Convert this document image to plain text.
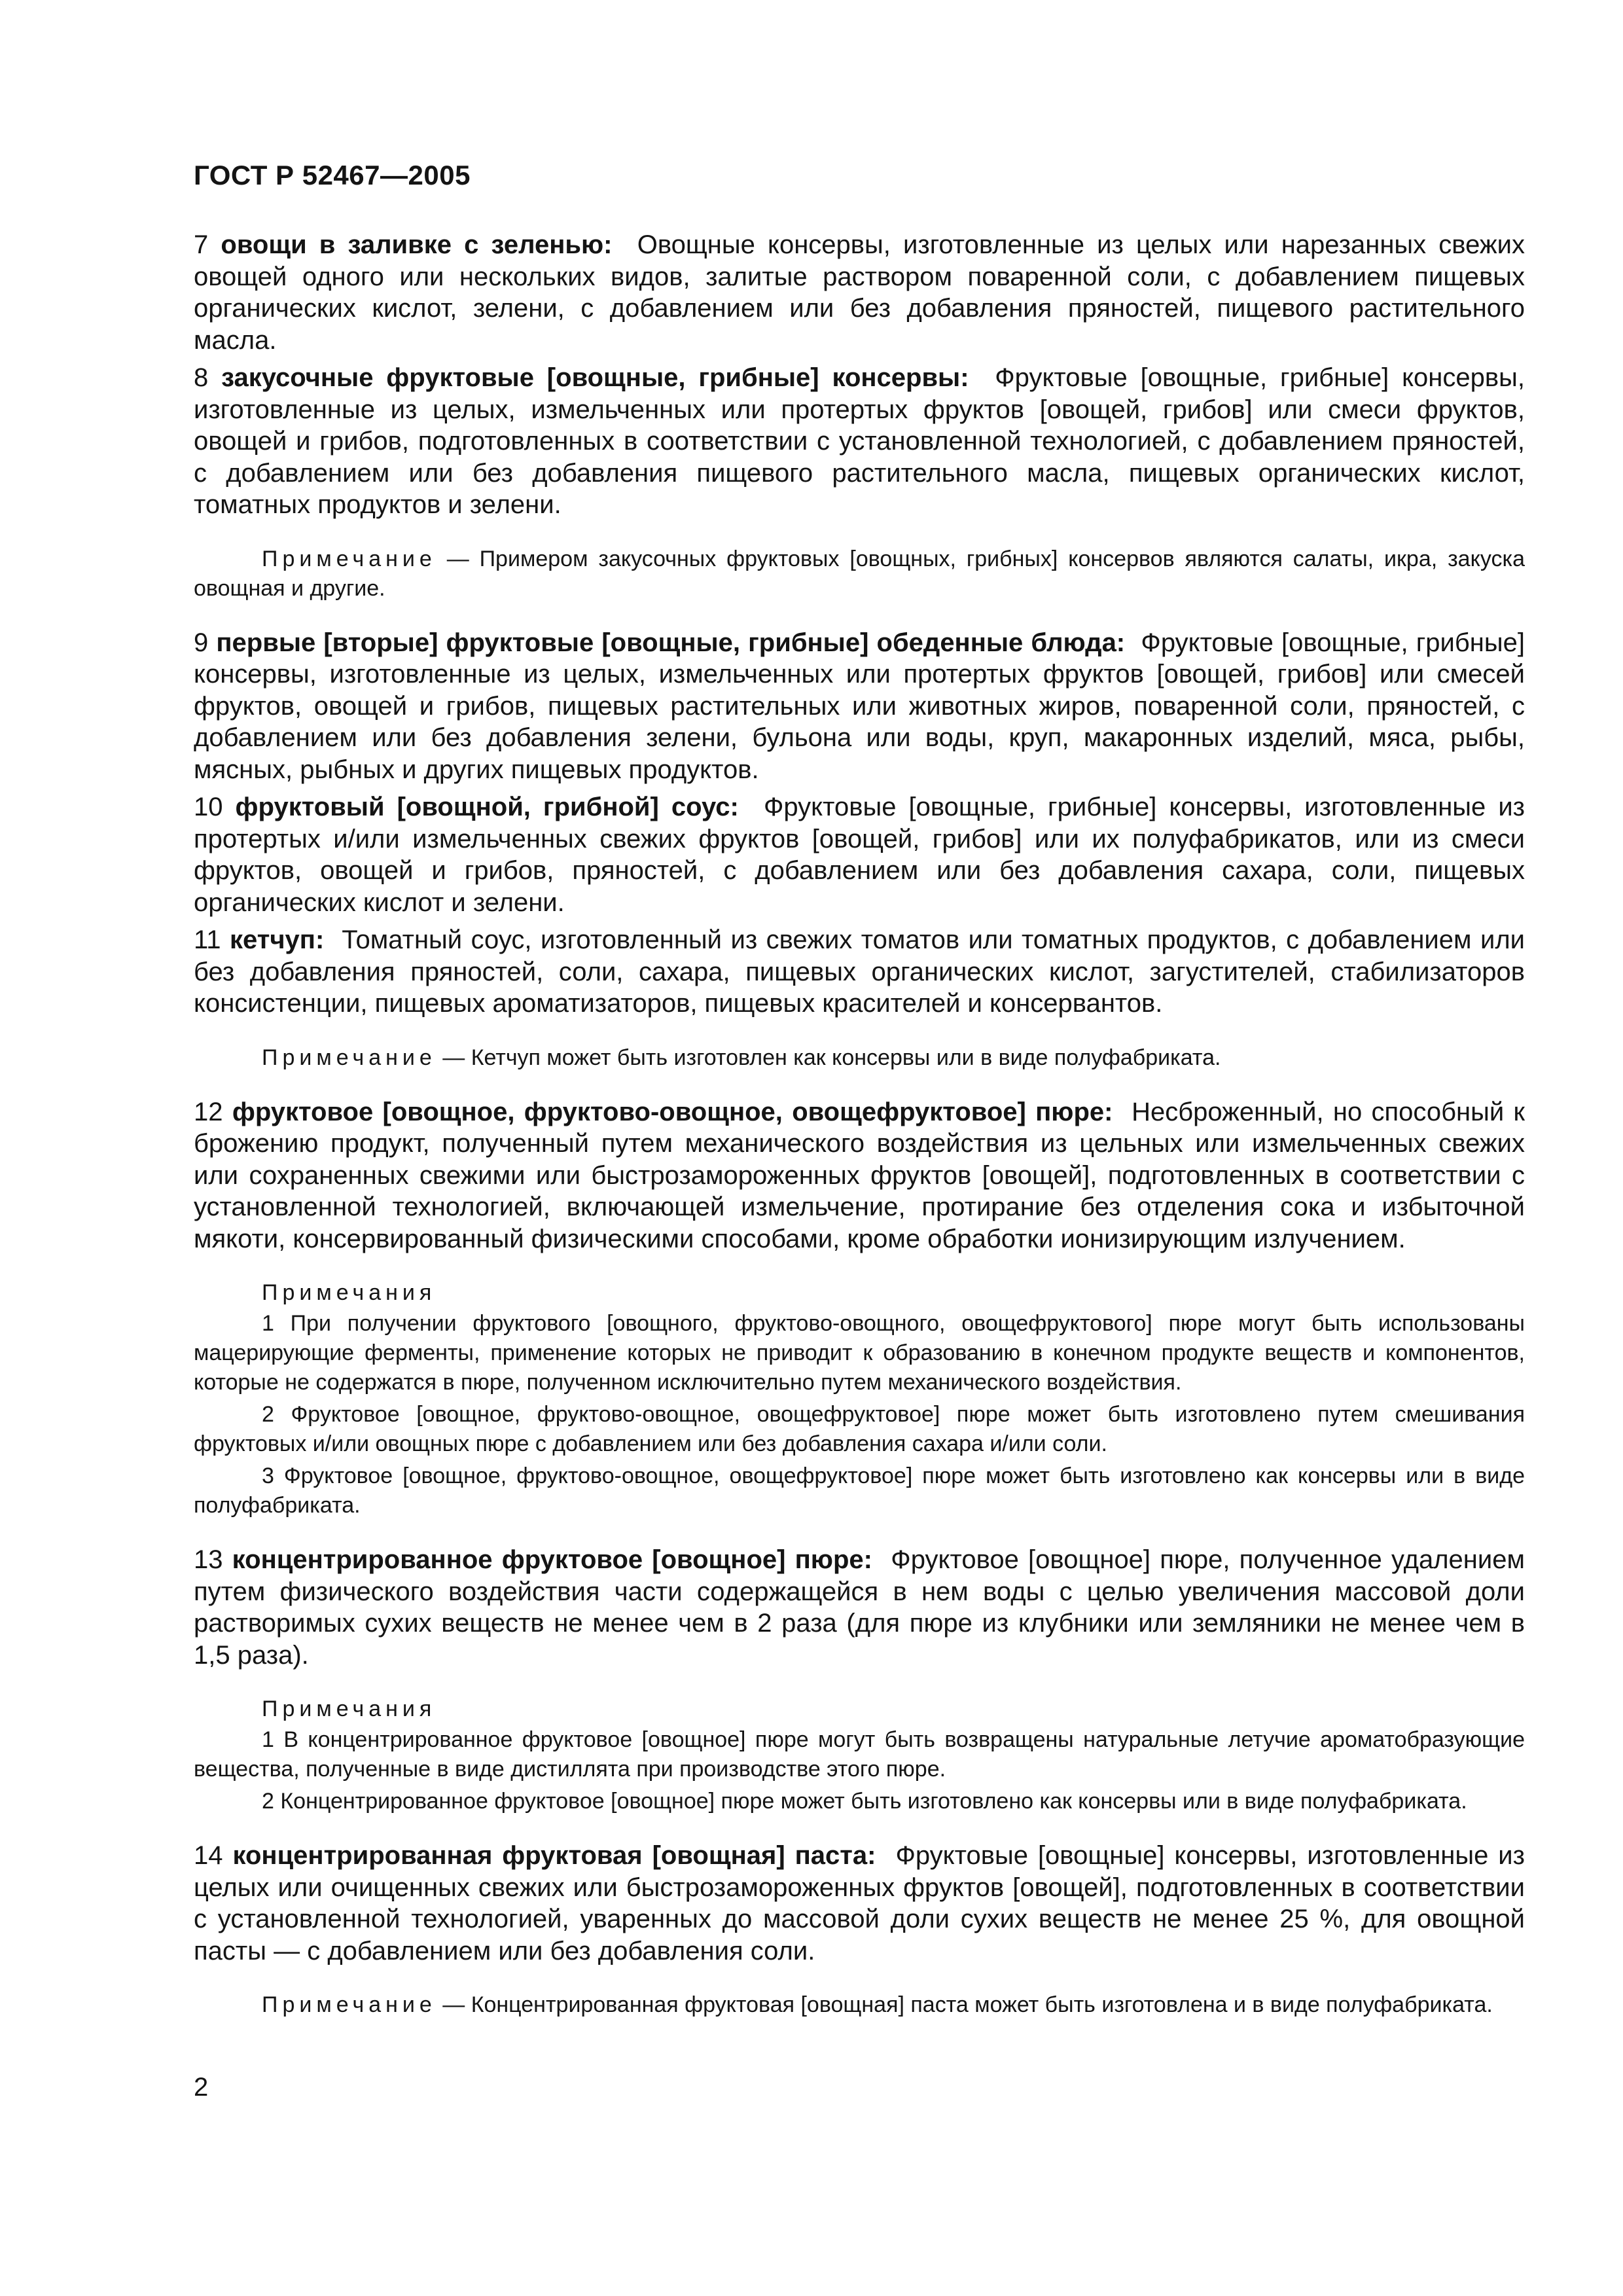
ГОСТ Р 52467—2005

7 овощи в заливке с зеленью: Овощные консервы, изготовленные из целых или нарезанных свежих овощей одного или нескольких видов, залитые раствором поваренной соли, с добавлением пищевых органических кислот, зелени, с добавлением или без добавления пряностей, пищевого растительного масла.

8 закусочные фруктовые [овощные, грибные] консервы: Фруктовые [овощные, грибные] консервы, изготовленные из целых, измельченных или протертых фруктов [овощей, грибов] или смеси фруктов, овощей и грибов, подготовленных в соответствии с установленной технологией, с добавлением пряностей, с добавлением или без добавления пищевого растительного масла, пищевых органических кислот, томатных продуктов и зелени.

Примечание — Примером закусочных фруктовых [овощных, грибных] консервов являются салаты, икра, закуска овощная и другие.

9 первые [вторые] фруктовые [овощные, грибные] обеденные блюда: Фруктовые [овощные, грибные] консервы, изготовленные из целых, измельченных или протертых фруктов [овощей, грибов] или смесей фруктов, овощей и грибов, пищевых растительных или животных жиров, поваренной соли, пряностей, с добавлением или без добавления зелени, бульона или воды, круп, макаронных изделий, мяса, рыбы, мясных, рыбных и других пищевых продуктов.

10 фруктовый [овощной, грибной] соус: Фруктовые [овощные, грибные] консервы, изготовленные из протертых и/или измельченных свежих фруктов [овощей, грибов] или их полуфабрикатов, или из смеси фруктов, овощей и грибов, пряностей, с добавлением или без добавления сахара, соли, пищевых органических кислот и зелени.

11 кетчуп: Томатный соус, изготовленный из свежих томатов или томатных продуктов, с добавлением или без добавления пряностей, соли, сахара, пищевых органических кислот, загустителей, стабилизаторов консистенции, пищевых ароматизаторов, пищевых красителей и консервантов.

Примечание — Кетчуп может быть изготовлен как консервы или в виде полуфабриката.

12 фруктовое [овощное, фруктово-овощное, овощефруктовое] пюре: Несброженный, но способный к брожению продукт, полученный путем механического воздействия из цельных или измельченных свежих или сохраненных свежими или быстрозамороженных фруктов [овощей], подготовленных в соответствии с установленной технологией, включающей измельчение, протирание без отделения сока и избыточной мякоти, консервированный физическими способами, кроме обработки ионизирующим излучением.

Примечания

1 При получении фруктового [овощного, фруктово-овощного, овощефруктового] пюре могут быть использованы мацерирующие ферменты, применение которых не приводит к образованию в конечном продукте веществ и компонентов, которые не содержатся в пюре, полученном исключительно путем механического воздействия.

2 Фруктовое [овощное, фруктово-овощное, овощефруктовое] пюре может быть изготовлено путем смешивания фруктовых и/или овощных пюре с добавлением или без добавления сахара и/или соли.

3 Фруктовое [овощное, фруктово-овощное, овощефруктовое] пюре может быть изготовлено как консервы или в виде полуфабриката.

13 концентрированное фруктовое [овощное] пюре: Фруктовое [овощное] пюре, полученное удалением путем физического воздействия части содержащейся в нем воды с целью увеличения массовой доли растворимых сухих веществ не менее чем в 2 раза (для пюре из клубники или земляники не менее чем в 1,5 раза).

Примечания

1 В концентрированное фруктовое [овощное] пюре могут быть возвращены натуральные летучие ароматобразующие вещества, полученные в виде дистиллята при производстве этого пюре.

2 Концентрированное фруктовое [овощное] пюре может быть изготовлено как консервы или в виде полуфабриката.

14 концентрированная фруктовая [овощная] паста: Фруктовые [овощные] консервы, изготовленные из целых или очищенных свежих или быстрозамороженных фруктов [овощей], подготовленных в соответствии с установленной технологией, уваренных до массовой доли сухих веществ не менее 25 %, для овощной пасты — с добавлением или без добавления соли.

Примечание — Концентрированная фруктовая [овощная] паста может быть изготовлена и в виде полуфабриката.

2
